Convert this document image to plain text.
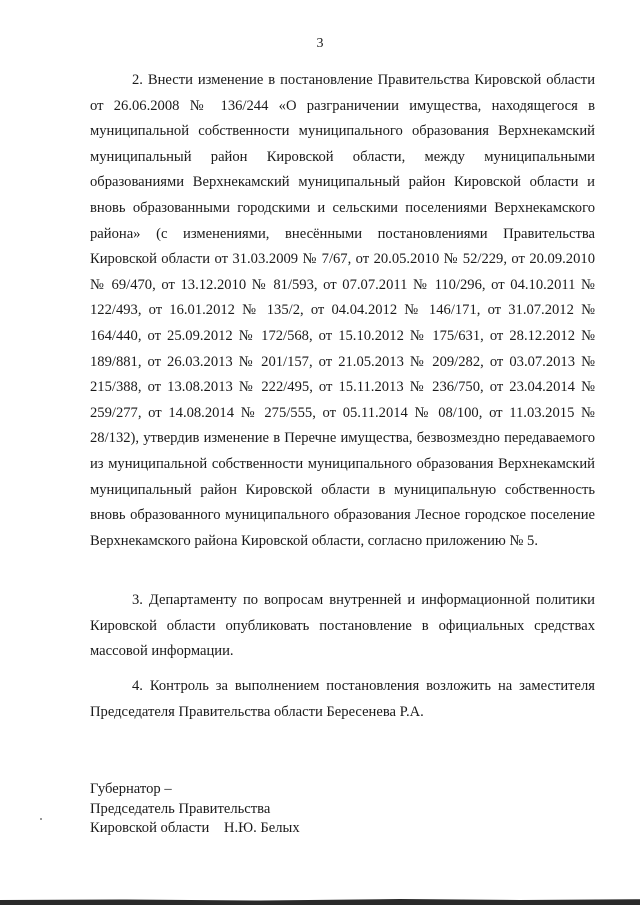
3

2. Внести изменение в постановление Правительства Кировской области от 26.06.2008 № 136/244 «О разграничении имущества, находящегося в муниципальной собственности муниципального образования Верхнекамский муниципальный район Кировской области, между муниципальными образованиями Верхнекамский муниципальный район Кировской области и вновь образованными городскими и сельскими поселениями Верхнекамского района» (с изменениями, внесёнными постановлениями Правительства Кировской области от 31.03.2009 № 7/67, от 20.05.2010 № 52/229, от 20.09.2010 № 69/470, от 13.12.2010 № 81/593, от 07.07.2011 № 110/296, от 04.10.2011 № 122/493, от 16.01.2012 № 135/2, от 04.04.2012 № 146/171, от 31.07.2012 № 164/440, от 25.09.2012 № 172/568, от 15.10.2012 № 175/631, от 28.12.2012 № 189/881, от 26.03.2013 № 201/157, от 21.05.2013 № 209/282, от 03.07.2013 № 215/388, от 13.08.2013 № 222/495, от 15.11.2013 № 236/750, от 23.04.2014 № 259/277, от 14.08.2014 № 275/555, от 05.11.2014 № 08/100, от 11.03.2015 № 28/132), утвердив изменение в Перечне имущества, безвозмездно передаваемого из муниципальной собственности муниципального образования Верхнекамский муниципальный район Кировской области в муниципальную собственность вновь образованного муниципального образования Лесное городское поселение Верхнекамского района Кировской области, согласно приложению № 5.

3. Департаменту по вопросам внутренней и информационной политики Кировской области опубликовать постановление в официальных средствах массовой информации.

4. Контроль за выполнением постановления возложить на заместителя Председателя Правительства области Бересенева Р.А.

Губернатор –
Председатель Правительства
Кировской области    Н.Ю. Белых
